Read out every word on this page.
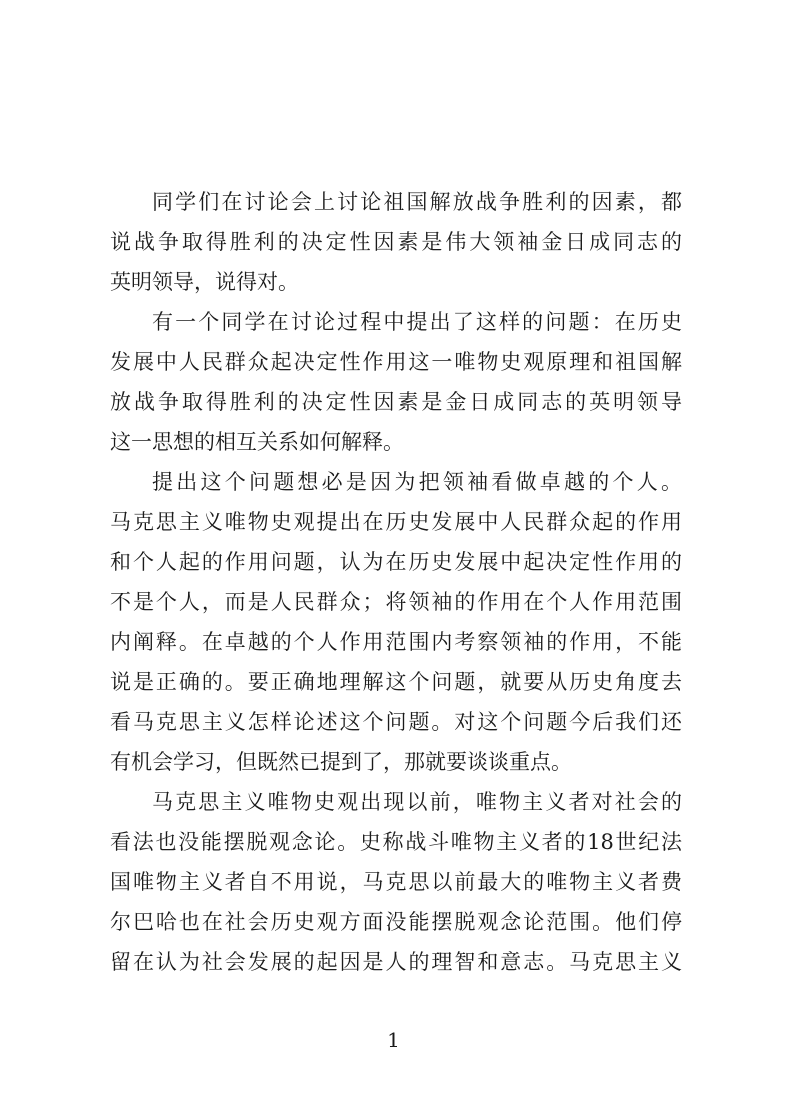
同学们在讨论会上讨论祖国解放战争胜利的因素，都
说战争取得胜利的决定性因素是伟大领袖金日成同志的
英明领导，说得对。
有一个同学在讨论过程中提出了这样的问题：在历史
发展中人民群众起决定性作用这一唯物史观原理和祖国解
放战争取得胜利的决定性因素是金日成同志的英明领导
这一思想的相互关系如何解释。
提出这个问题想必是因为把领袖看做卓越的个人。
马克思主义唯物史观提出在历史发展中人民群众起的作用
和个人起的作用问题，认为在历史发展中起决定性作用的
不是个人，而是人民群众；将领袖的作用在个人作用范围
内阐释。在卓越的个人作用范围内考察领袖的作用，不能
说是正确的。要正确地理解这个问题，就要从历史角度去
看马克思主义怎样论述这个问题。对这个问题今后我们还
有机会学习，但既然已提到了，那就要谈谈重点。
马克思主义唯物史观出现以前，唯物主义者对社会的
看法也没能摆脱观念论。史称战斗唯物主义者的18世纪法
国唯物主义者自不用说，马克思以前最大的唯物主义者费
尔巴哈也在社会历史观方面没能摆脱观念论范围。他们停
留在认为社会发展的起因是人的理智和意志。马克思主义
1
